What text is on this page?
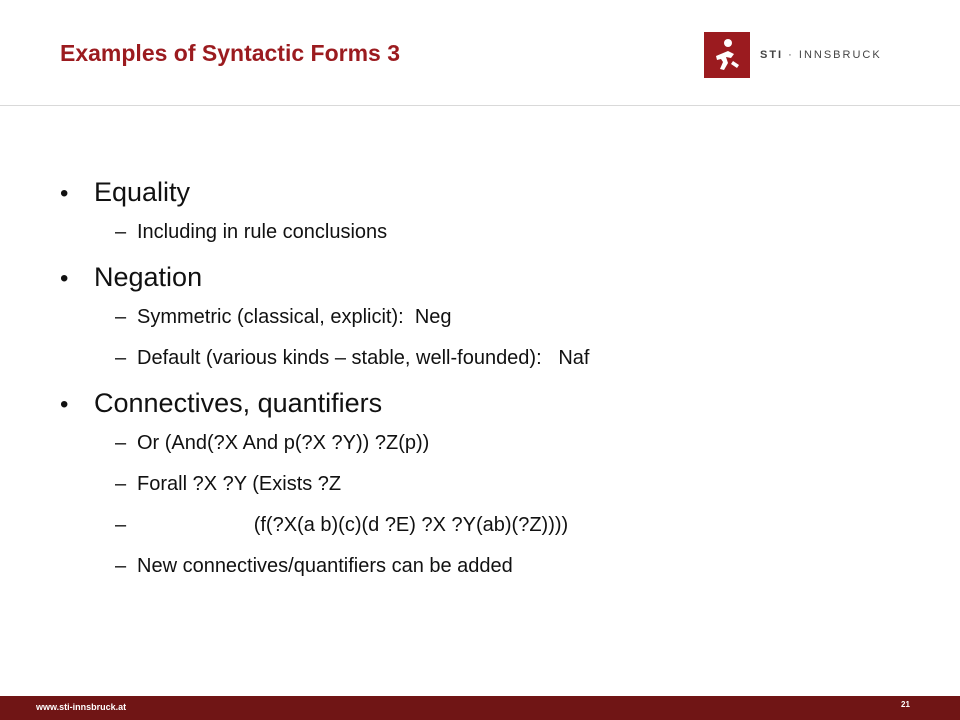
Examples of Syntactic Forms 3	STI · INNSBRUCK
• Equality
– Including in rule conclusions
• Negation
– Symmetric (classical, explicit):  Neg
– Default (various kinds – stable, well-founded):   Naf
• Connectives, quantifiers
– Or (And(?X And p(?X ?Y)) ?Z(p))
– Forall ?X ?Y (Exists ?Z
– (f(?X(a b)(c)(d ?E) ?X ?Y(ab)(?Z))))
– New connectives/quantifiers can be added
www.sti-innsbruck.at	21
